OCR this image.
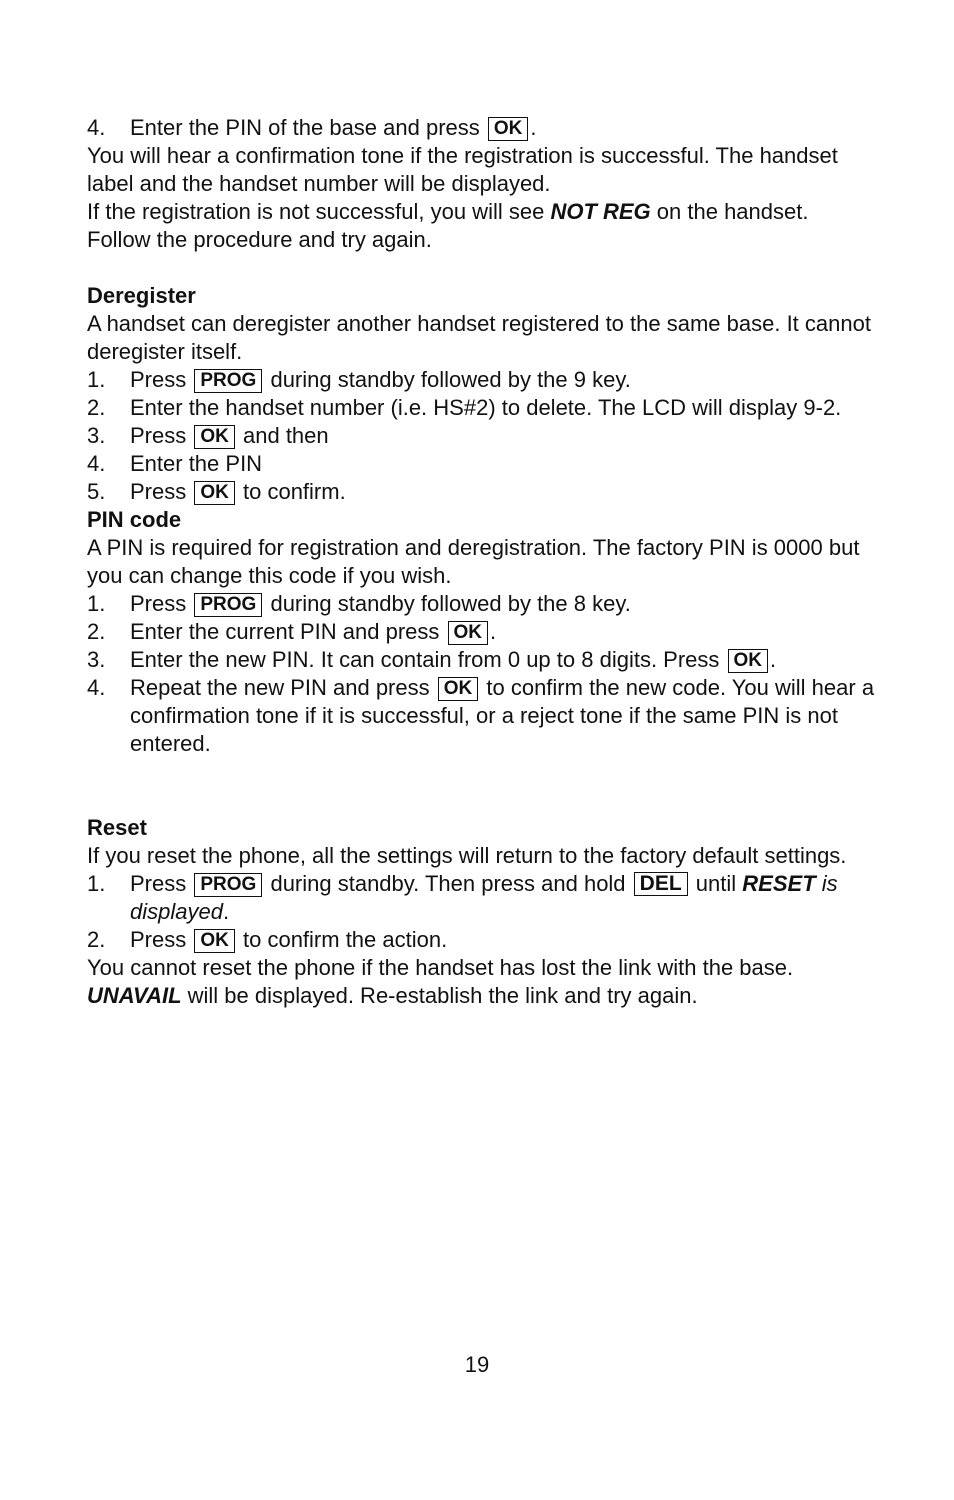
4.	Enter the PIN of the base and press OK .

You will hear a confirmation tone if the registration is successful. The handset label and the handset number will be displayed.

If the registration is not successful, you will see NOT REG on the handset. Follow the procedure and try again.

Deregister

A handset can deregister another handset registered to the same base. It cannot deregister itself.

1.	Press PROG during standby followed by the 9 key.
2.	Enter the handset number (i.e. HS#2) to delete. The LCD will display 9-2.
3.	Press OK and then
4.	Enter the PIN
5.	Press OK to confirm.

PIN code

A PIN is required for registration and deregistration. The factory PIN is 0000 but you can change this code if you wish.

1.	Press PROG during standby followed by the 8 key.
2.	Enter the current PIN and press OK .
3.	Enter the new PIN. It can contain from 0 up to 8 digits. Press OK .
4.	Repeat the new PIN and press OK to confirm the new code. You will hear a confirmation tone if it is successful, or a reject tone if the same PIN is not entered.

Reset

If you reset the phone, all the settings will return to the factory default settings.

1.	Press PROG during standby. Then press and hold DEL until RESET is displayed.
2.	Press OK to confirm the action.

You cannot reset the phone if the handset has lost the link with the base.

UNAVAIL will be displayed. Re-establish the link and try again.

19
